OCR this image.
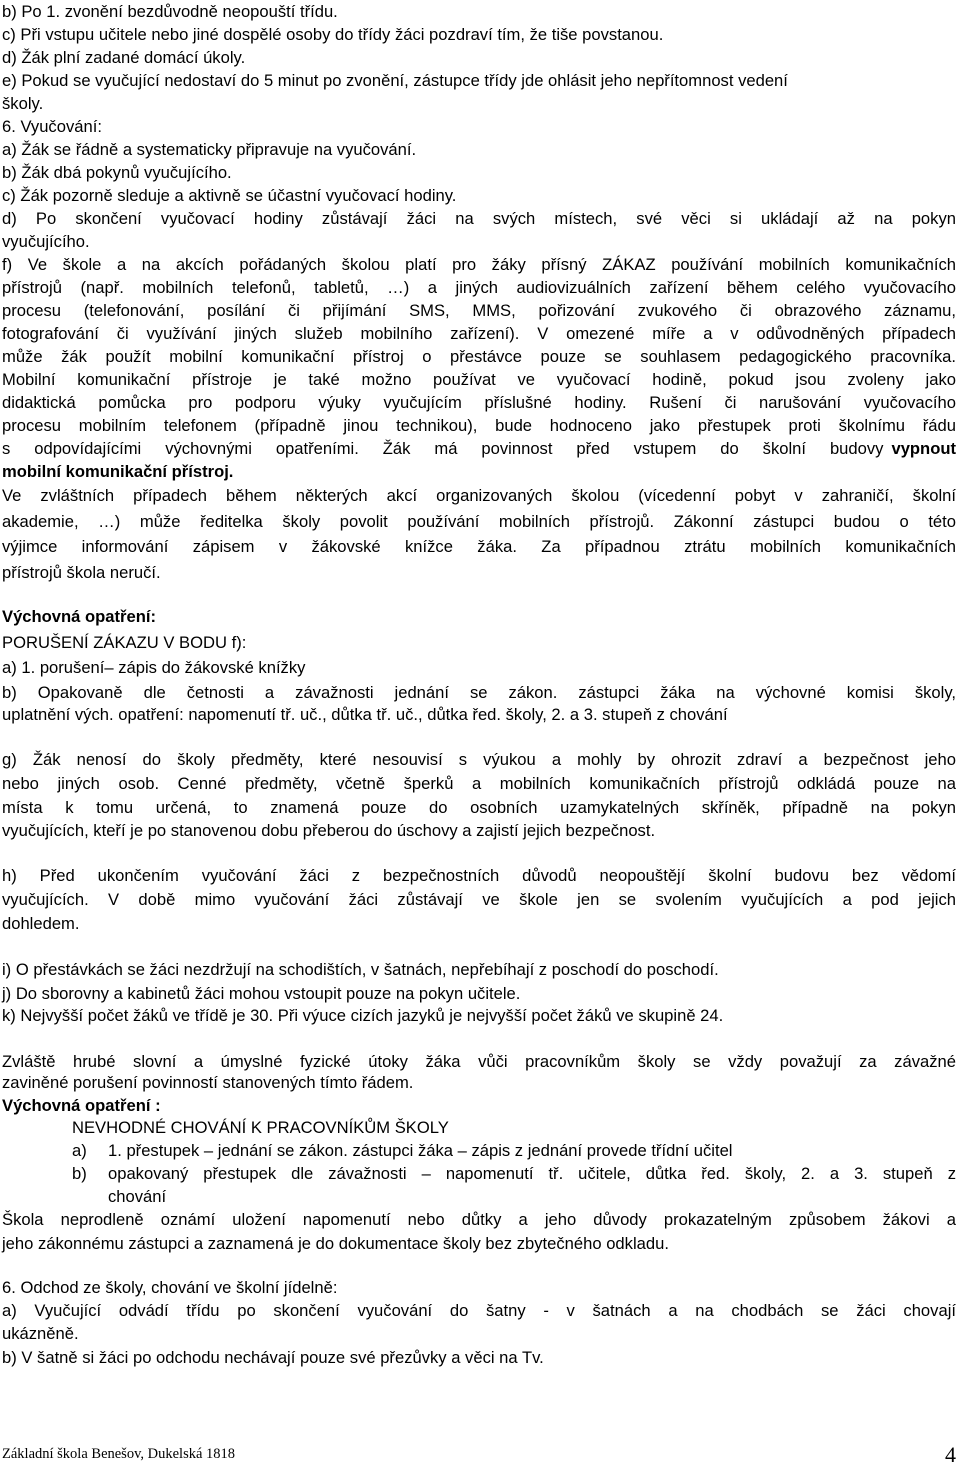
b) Po 1. zvonění bezdůvodně neopouští třídu.
c) Při vstupu učitele nebo jiné dospělé osoby do třídy žáci pozdraví tím, že tiše povstanou.
d) Žák plní zadané domácí úkoly.
e) Pokud se vyučující nedostaví do 5 minut po zvonění, zástupce třídy jde ohlásit jeho nepřítomnost vedení
školy.
6. Vyučování:
a) Žák se řádně a systematicky připravuje na vyučování.
b) Žák dbá pokynů vyučujícího.
c) Žák pozorně sleduje a aktivně se účastní vyučovací hodiny.
d) Po skončení vyučovací hodiny zůstávají žáci na svých místech, své věci si ukládají až na pokyn
vyučujícího.
f) Ve škole a na akcích pořádaných školou platí pro žáky přísný ZÁKAZ používání mobilních komunikačních
přístrojů (např. mobilních telefonů, tabletů, …) a jiných audiovizuálních zařízení během celého vyučovacího
procesu (telefonování, posílání či přijímání SMS, MMS, pořizování zvukového či obrazového záznamu,
fotografování či využívání jiných služeb mobilního zařízení). V omezené míře a v odůvodněných případech
může žák použít mobilní komunikační přístroj o přestávce pouze se souhlasem pedagogického pracovníka.
Mobilní komunikační přístroje je také možno používat ve vyučovací hodině, pokud jsou zvoleny jako
didaktická pomůcka pro podporu výuky vyučujícím příslušné hodiny. Rušení či narušování vyučovacího
procesu mobilním telefonem (případně jinou technikou), bude hodnoceno jako přestupek proti školnímu řádu
s odpovídajícími výchovnými opatřeními. Žák má povinnost před vstupem do školní budovy vypnout
mobilní komunikační přístroj.
Ve zvláštních případech během některých akcí organizovaných školou (vícedenní pobyt v zahraničí, školní
akademie, …) může ředitelka školy povolit používání mobilních přístrojů. Zákonní zástupci budou o této
výjimce informování zápisem v žákovské knížce žáka. Za případnou ztrátu mobilních komunikačních
přístrojů škola neručí.
Výchovná opatření:
PORUŠENÍ ZÁKAZU V BODU f):
a) 1. porušení– zápis do žákovské knížky
b) Opakovaně dle četnosti a závažnosti jednání se zákon. zástupci žáka na výchovné komisi školy,
uplatnění vých. opatření: napomenutí tř. uč., důtka tř. uč., důtka řed. školy, 2. a 3. stupeň z chování
g) Žák nenosí do školy předměty, které nesouvisí s výukou a mohly by ohrozit zdraví a bezpečnost jeho
nebo jiných osob. Cenné předměty, včetně šperků a mobilních komunikačních přístrojů odkládá pouze na
místa k tomu určená, to znamená pouze do osobních uzamykatelných skříněk, případně na pokyn
vyučujících, kteří je po stanovenou dobu přeberou do úschovy a zajistí jejich bezpečnost.
h) Před ukončením vyučování žáci z bezpečnostních důvodů neopouštějí školní budovu bez vědomí
vyučujících. V době mimo vyučování žáci zůstávají ve škole jen se svolením vyučujících a pod jejich
dohledem.
i) O přestávkách se žáci nezdržují na schodištích, v šatnách, nepřebíhají z poschodí do poschodí.
j) Do sborovny a kabinetů žáci mohou vstoupit pouze na pokyn učitele.
k) Nejvyšší počet žáků ve třídě je 30. Při výuce cizích jazyků je nejvyšší počet žáků ve skupině 24.
Zvláště hrubé slovní a úmyslné fyzické útoky žáka vůči pracovníkům školy se vždy považují za závažné
zaviněné porušení povinností stanovených tímto řádem.
Výchovná opatření :
NEVHODNÉ CHOVÁNÍ K PRACOVNÍKŮM ŠKOLY
a) 1. přestupek – jednání se zákon. zástupci žáka – zápis z jednání provede třídní učitel
b) opakovaný přestupek dle závažnosti – napomenutí tř. učitele, důtka řed. školy, 2. a 3. stupeň z
chování
Škola neprodleně oznámí uložení napomenutí nebo důtky a jeho důvody prokazatelným způsobem žákovi a
jeho zákonnému zástupci a zaznamená je do dokumentace školy bez zbytečného odkladu.
6. Odchod ze školy, chování ve školní jídelně:
a) Vyučující odvádí třídu po skončení vyučování do šatny - v šatnách a na chodbách se žáci chovají
ukázněně.
b) V šatně si žáci po odchodu nechávají pouze své přezůvky a věci na Tv.
Základní škola Benešov, Dukelská 1818	4
